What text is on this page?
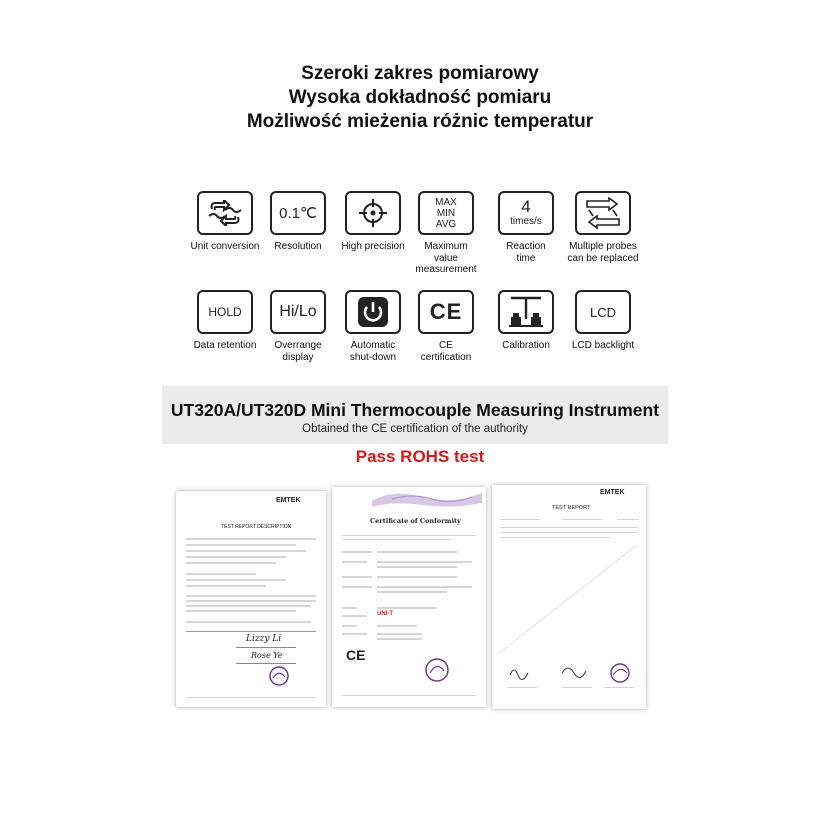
Szeroki zakres pomiarowy
Wysoka dokładność pomiaru
Możliwość mieżenia różnic temperatur
Unit conversion
0.1℃
Resolution	High precision
MAX
MIN
AVG
Maximum
value
measurement
4
times/s
Reaction
time
Multiple probes
can be replaced
HOLD
Data retention
Hi/Lo
Overrange
display
Automatic
shut-down
CE
CE
certification
Calibration
LCD
LCD backlight
UT320A/UT320D Mini Thermocouple Measuring Instrument
Obtained the CE certification of the authority
Pass ROHS test
EMTEK
TEST REPORT DESCRIPTION
Lizzy Li
Rose Ye
Certificate of Conformity
UNI-T
CE
EMTEK
TEST REPORT
